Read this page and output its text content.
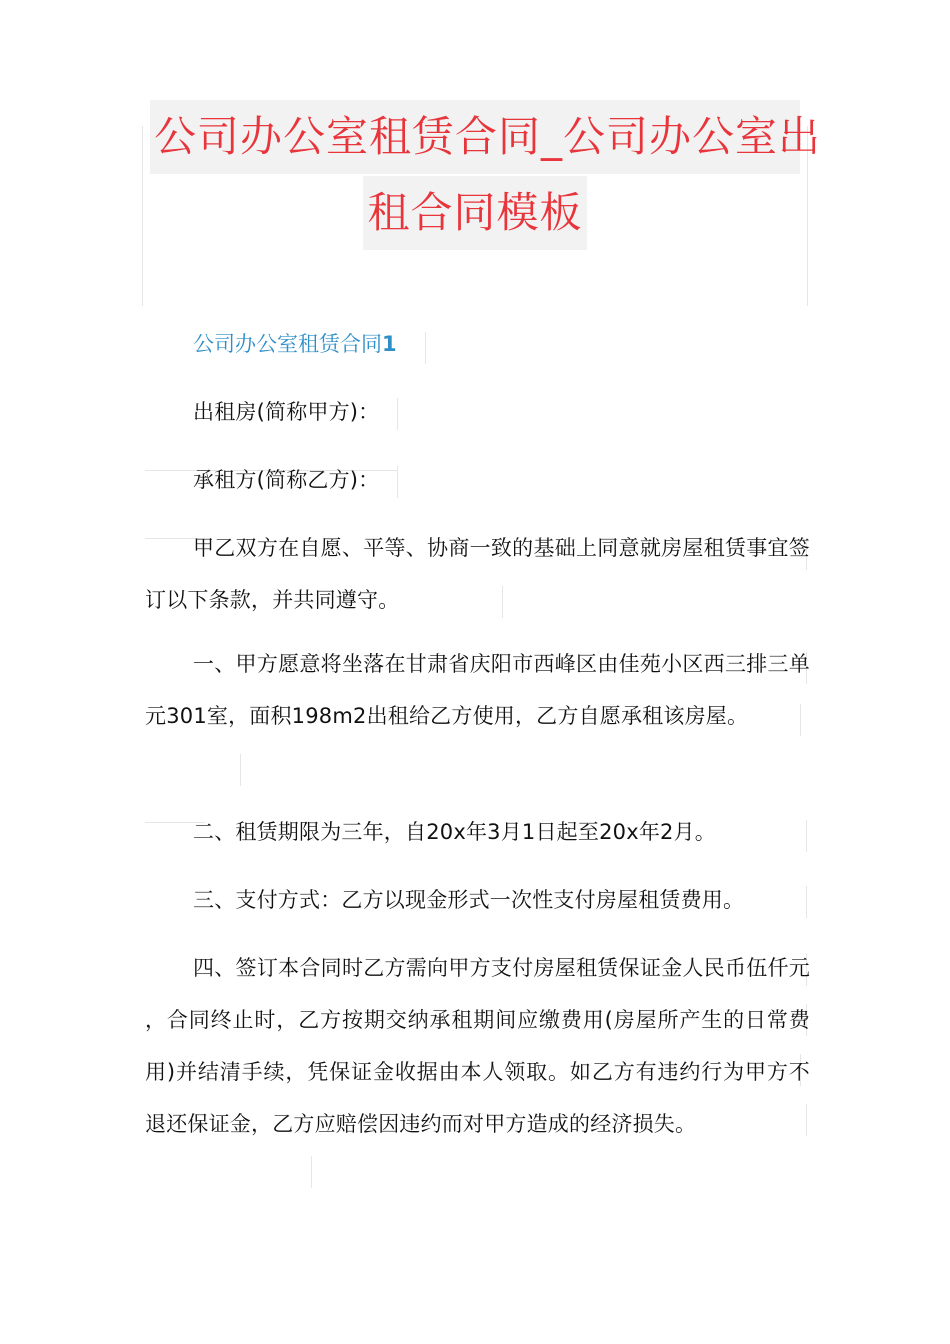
公司办公室租赁合同_公司办公室出
租合同模板
公司办公室租赁合同1

出租房(简称甲方)：

承租方(简称乙方)：

甲乙双方在自愿、平等、协商一致的基础上同意就房屋租赁事宜签订以下条款，并共同遵守。

一、甲方愿意将坐落在甘肃省庆阳市西峰区由佳苑小区西三排三单元301室，面积198m2出租给乙方使用，乙方自愿承租该房屋。

二、租赁期限为三年，自20x年3月1日起至20x年2月。

三、支付方式：乙方以现金形式一次性支付房屋租赁费用。

四、签订本合同时乙方需向甲方支付房屋租赁保证金人民币伍仟元 ，合同终止时，乙方按期交纳承租期间应缴费用(房屋所产生的日常费用)并结清手续，凭保证金收据由本人领取。如乙方有违约行为甲方不退还保证金，乙方应赔偿因违约而对甲方造成的经济损失。
